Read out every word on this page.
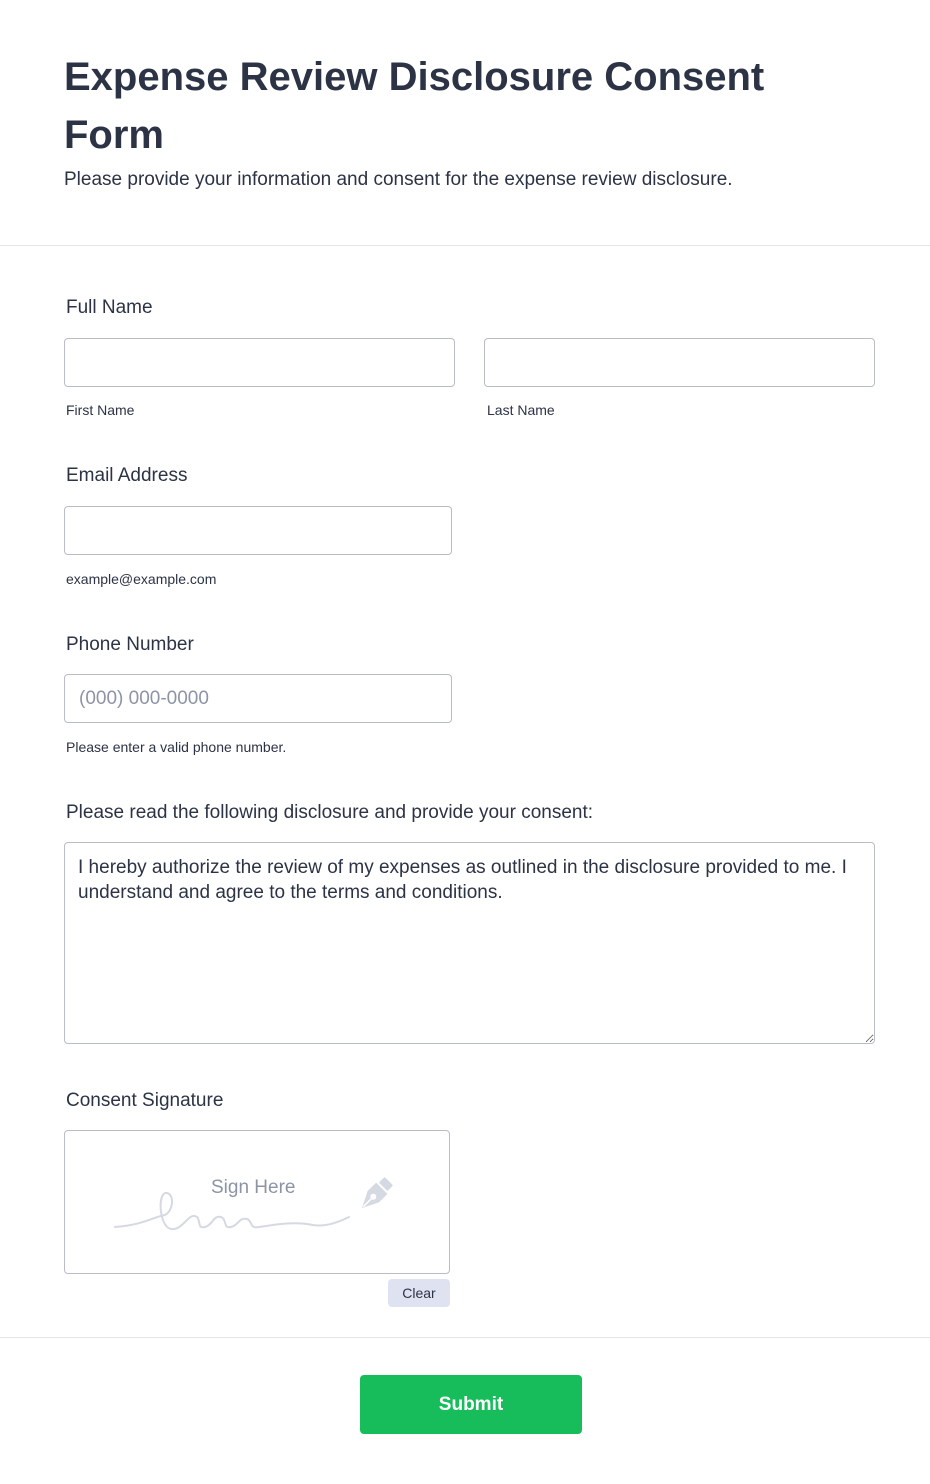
Expense Review Disclosure Consent Form
Please provide your information and consent for the expense review disclosure.
Full Name
First Name	Last Name
Email Address
example@example.com
Phone Number
(000) 000-0000
Please enter a valid phone number.
Please read the following disclosure and provide your consent:
I hereby authorize the review of my expenses as outlined in the disclosure provided to me. I understand and agree to the terms and conditions.
Consent Signature
Sign Here
Clear
Submit
